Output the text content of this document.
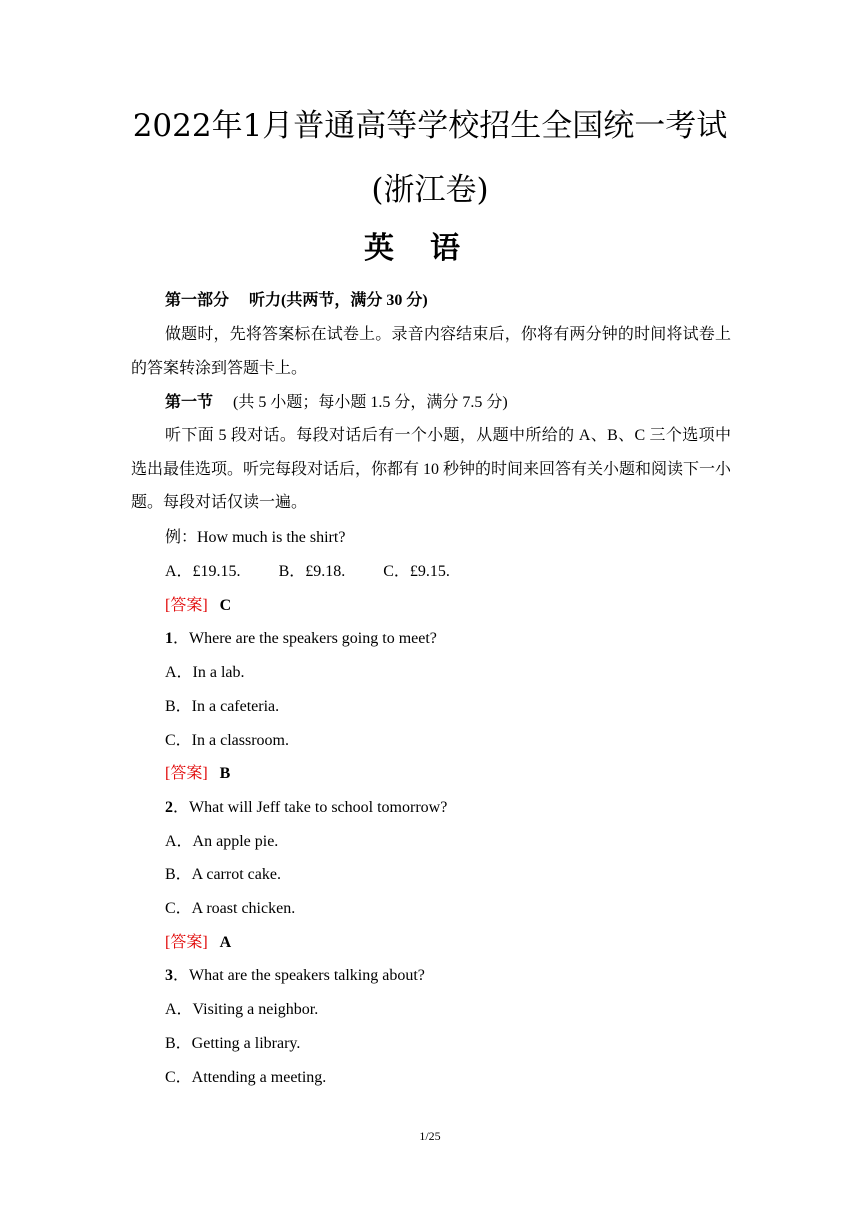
2022年1月普通高等学校招生全国统一考试
(浙江卷)
英语
第一部分 听力(共两节，满分 30 分)
做题时，先将答案标在试卷上。录音内容结束后，你将有两分钟的时间将试卷上的答案转涂到答题卡上。
第一节 (共 5 小题；每小题 1.5 分，满分 7.5 分)
听下面 5 段对话。每段对话后有一个小题，从题中所给的 A、B、C 三个选项中选出最佳选项。听完每段对话后，你都有 10 秒钟的时间来回答有关小题和阅读下一小题。每段对话仅读一遍。
例：How much is the shirt?
A．£19.15. B．£9.18. C．£9.15.
[答案] C
1．Where are the speakers going to meet?
A．In a lab.
B．In a cafeteria.
C．In a classroom.
[答案] B
2．What will Jeff take to school tomorrow?
A．An apple pie.
B．A carrot cake.
C．A roast chicken.
[答案] A
3．What are the speakers talking about?
A．Visiting a neighbor.
B．Getting a library.
C．Attending a meeting.
1/25
